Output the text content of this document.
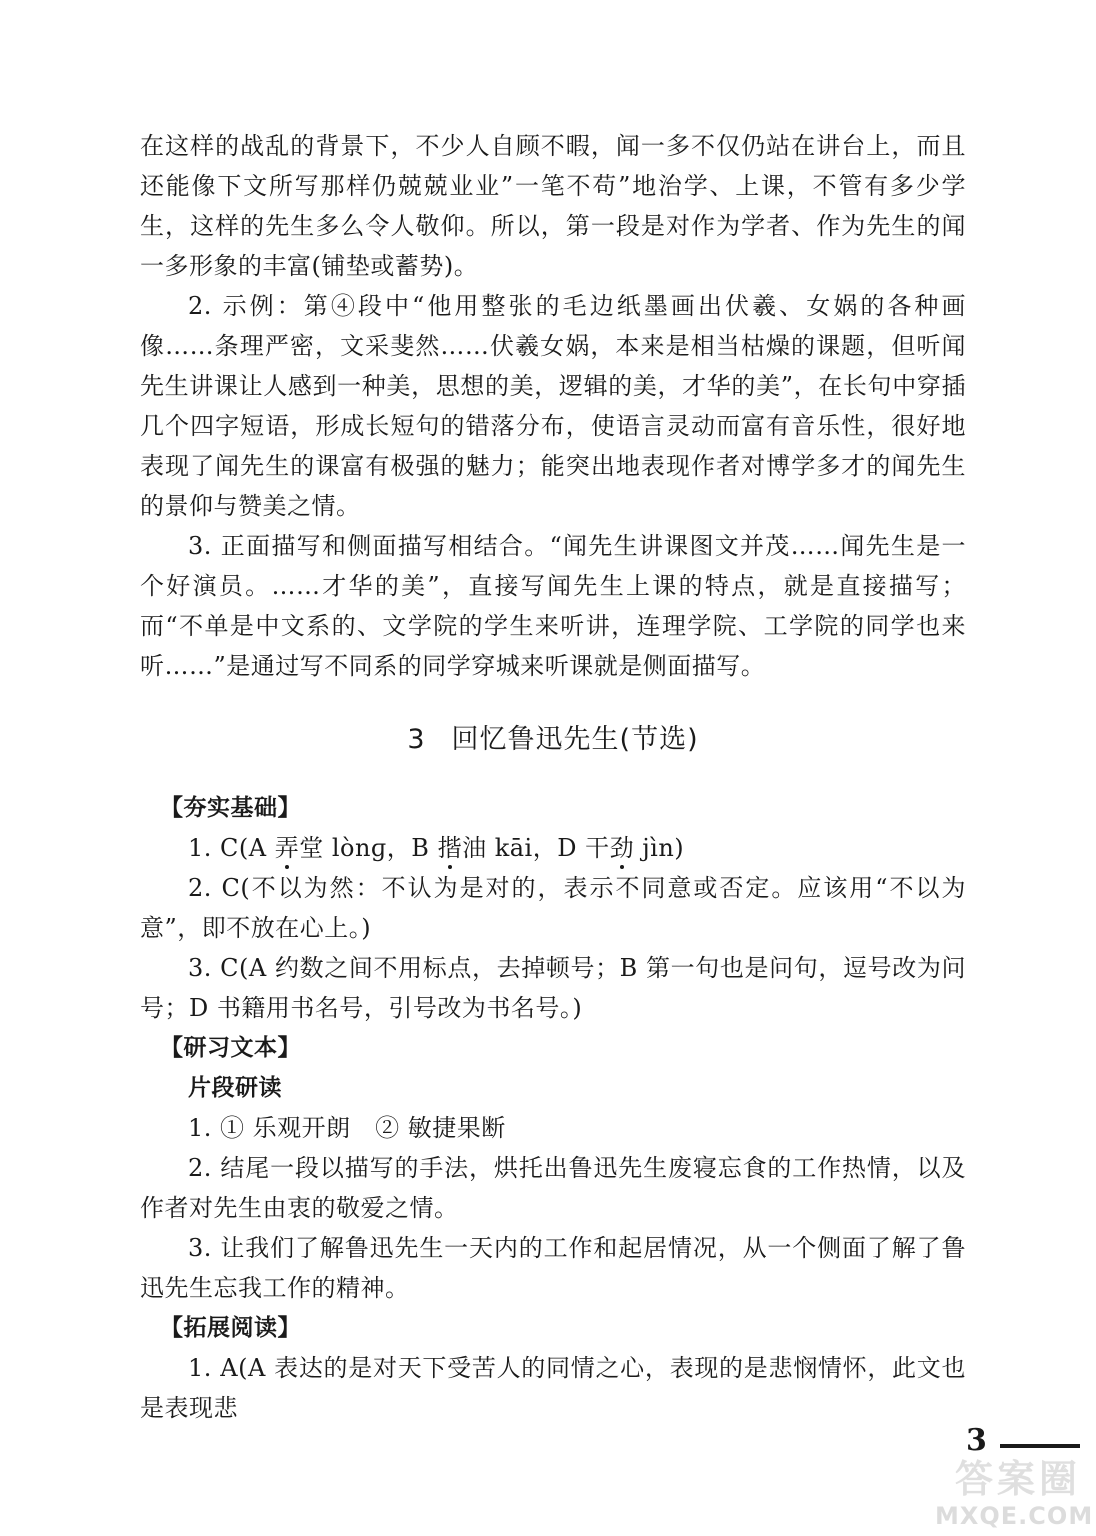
在这样的战乱的背景下，不少人自顾不暇，闻一多不仅仍站在讲台上，而且还能像下文所写那样仍兢兢业业”一笔不苟”地治学、上课，不管有多少学生，这样的先生多么令人敬仰。所以，第一段是对作为学者、作为先生的闻一多形象的丰富(铺垫或蓄势)。

2. 示例：第④段中“他用整张的毛边纸墨画出伏羲、女娲的各种画像……条理严密，文采斐然……伏羲女娲，本来是相当枯燥的课题，但听闻先生讲课让人感到一种美，思想的美，逻辑的美，才华的美”，在长句中穿插几个四字短语，形成长短句的错落分布，使语言灵动而富有音乐性，很好地表现了闻先生的课富有极强的魅力；能突出地表现作者对博学多才的闻先生的景仰与赞美之情。

3. 正面描写和侧面描写相结合。“闻先生讲课图文并茂……闻先生是一个好演员。……才华的美”，直接写闻先生上课的特点，就是直接描写；而“不单是中文系的、文学院的学生来听讲，连理学院、工学院的同学也来听……”是通过写不同系的同学穿城来听课就是侧面描写。

3 回忆鲁迅先生(节选)

【夯实基础】

1. C(A 弄堂 lònɡ，B 揩油 kāi，D 干劲 jìn)

2. C(不以为然：不认为是对的，表示不同意或否定。应该用“不以为意”，即不放在心上。)

3. C(A 约数之间不用标点，去掉顿号；B 第一句也是问句，逗号改为问号；D 书籍用书名号，引号改为书名号。)

【研习文本】

片段研读

1. ① 乐观开朗　② 敏捷果断

2. 结尾一段以描写的手法，烘托出鲁迅先生废寝忘食的工作热情，以及作者对先生由衷的敬爱之情。

3. 让我们了解鲁迅先生一天内的工作和起居情况，从一个侧面了解了鲁迅先生忘我工作的精神。

【拓展阅读】

1. A(A 表达的是对天下受苦人的同情之心，表现的是悲悯情怀，此文也是表现悲

3
答案圈
MXQE.COM
